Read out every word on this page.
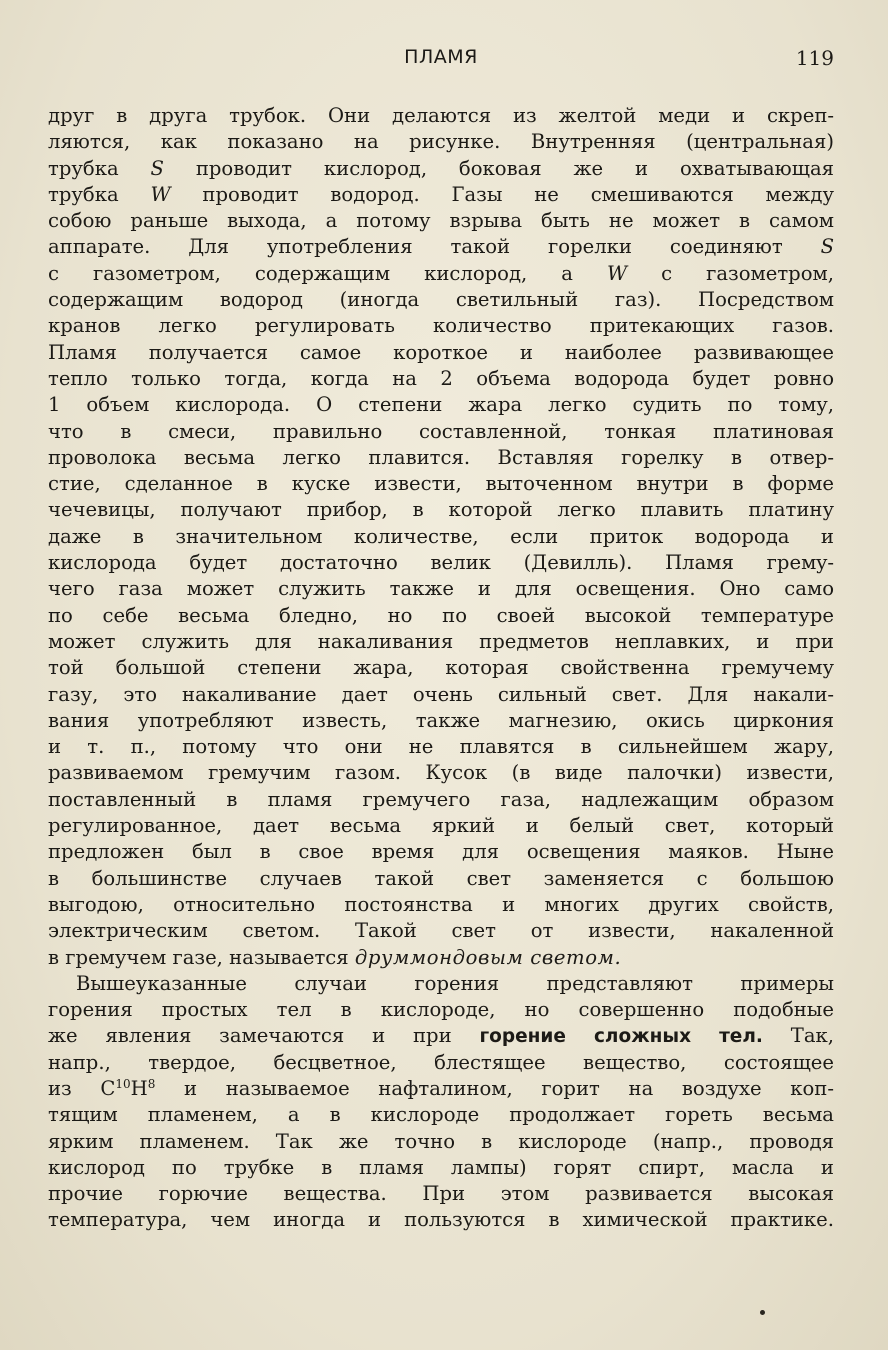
ПЛАМЯ	119
друг в друга трубок. Они делаются из желтой меди и скреп-
ляются, как показано на рисунке. Внутренняя (центральная)
трубка S проводит кислород, боковая же и охватывающая
трубка W проводит водород. Газы не смешиваются между
собою раньше выхода, а потому взрыва быть не может в самом
аппарате. Для употребления такой горелки соединяют S
с газометром, содержащим кислород, а W с газометром,
содержащим водород (иногда светильный газ). Посредством
кранов легко регулировать количество притекающих газов.
Пламя получается самое короткое и наиболее развивающее
тепло только тогда, когда на 2 объема водорода будет ровно
1 объем кислорода. О степени жара легко судить по тому,
что в смеси, правильно составленной, тонкая платиновая
проволока весьма легко плавится. Вставляя горелку в отвер-
стие, сделанное в куске извести, выточенном внутри в форме
чечевицы, получают прибор, в которой легко плавить платину
даже в значительном количестве, если приток водорода и
кислорода будет достаточно велик (Девилль). Пламя гремy-
чего газа может служить также и для освещения. Оно само
по себе весьма бледно, но по своей высокой температуре
может служить для накаливания предметов неплавких, и при
той большой степени жара, которая свойственна гремучему
газу, это накаливание дает очень сильный свет. Для накали-
вания употребляют известь, также магнезию, окись циркония
и т. п., потому что они не плавятся в сильнейшем жару,
развиваемом гремучим газом. Кусок (в виде палочки) извести,
поставленный в пламя гремучего газа, надлежащим образом
регулированное, дает весьма яркий и белый свет, который
предложен был в свое время для освещения маяков. Ныне
в большинстве случаев такой свет заменяется с большою
выгодою, относительно постоянства и многих других свойств,
электрическим светом. Такой свет от извести, накаленной
в гремучем газе, называется друммондовым светом.
Вышеуказанные случаи горения представляют примеры
горения простых тел в кислороде, но совершенно подобные
же явления замечаются и при горение сложных тел. Так,
напр., твердое, бесцветное, блестящее вещество, состоящее
из $C^{10}H^8$ и называемое нафталином, горит на воздухе коп-
тящим пламенем, а в кислороде продолжает гореть весьма
ярким пламенем. Так же точно в кислороде (напр., проводя
кислород по трубке в пламя лампы) горят спирт, масла и
прочие горючие вещества. При этом развивается высокая
температура, чем иногда и пользуются в химической практике.
